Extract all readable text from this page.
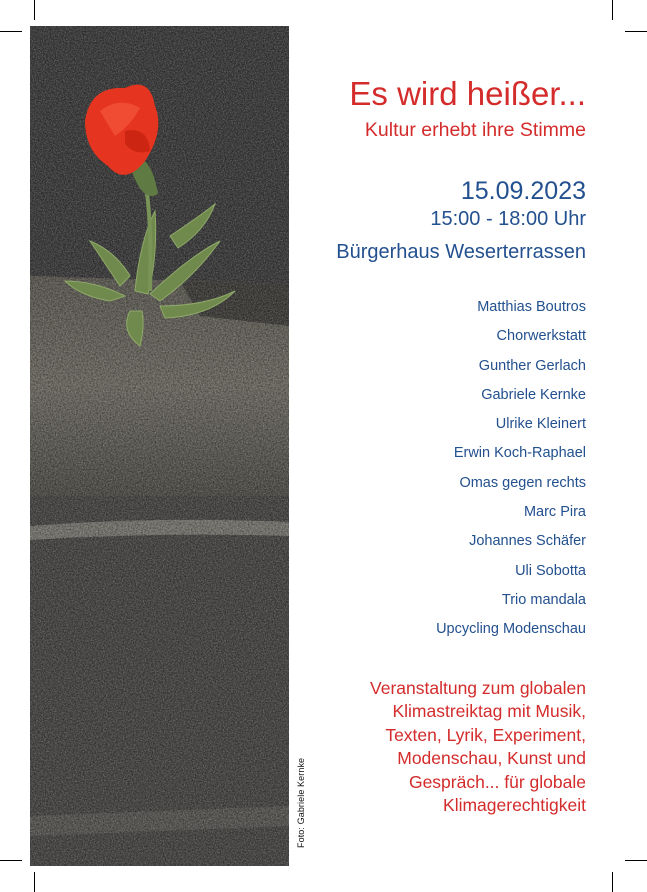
Foto: Gabriele Kernke
Es wird heißer...
Kultur erhebt ihre Stimme
15.09.2023
15:00 - 18:00 Uhr
Bürgerhaus Weserterrassen
Matthias Boutros
Chorwerkstatt
Gunther Gerlach
Gabriele Kernke
Ulrike Kleinert
Erwin Koch-Raphael
Omas gegen rechts
Marc Pira
Johannes Schäfer
Uli Sobotta
Trio mandala
Upcycling Modenschau
Veranstaltung zum globalen
Klimastreiktag mit Musik,
Texten, Lyrik, Experiment,
Modenschau, Kunst und
Gespräch... für globale
Klimagerechtigkeit
